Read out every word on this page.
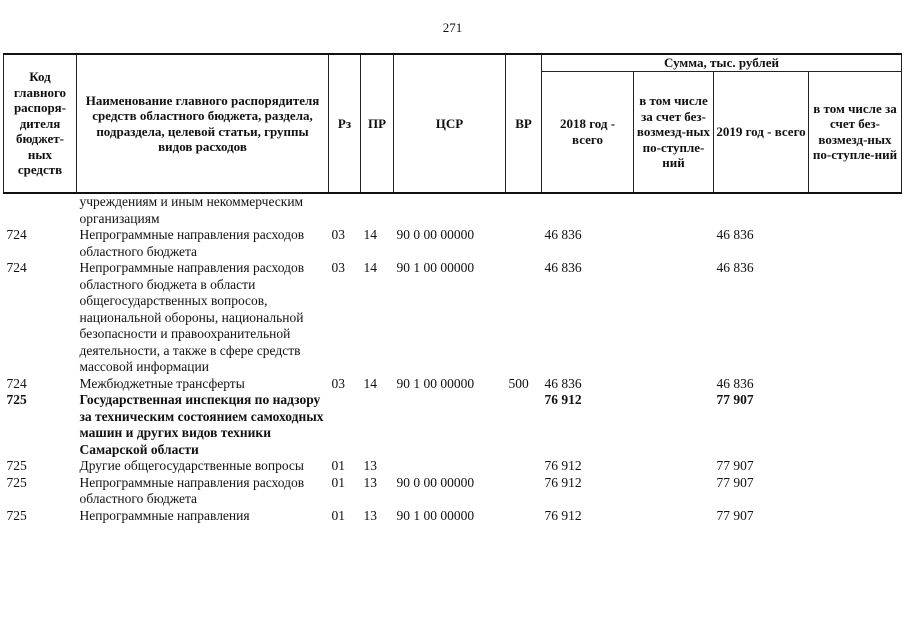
271
Код главного распоря-дителя бюджет-ных средств	Наименование главного распорядителя средств областного бюджета, раздела, подраздела, целевой статьи, группы видов расходов	Рз	ПР	ЦСР	ВР	Сумма, тыс. рублей			
						2018 год - всего	в том числе за счет без-возмезд-ных по-ступле-ний	2019 год - всего	в том числе за счет без-возмезд-ных по-ступле-ний
	учреждениям и иным некоммерческим организациям								
724	Непрограммные направления расходов областного бюджета	03	14	90 0 00 00000		46 836		46 836	
724	Непрограммные направления расходов областного бюджета в области общегосударственных вопросов, национальной обороны, национальной безопасности и правоохранительной деятельности, а также в сфере средств массовой информации	03	14	90 1 00 00000		46 836		46 836	
724	Межбюджетные трансферты	03	14	90 1 00 00000	500	46 836		46 836	
725	Государственная инспекция по надзору за техническим состоянием самоходных машин и других видов техники Самарской области					76 912		77 907	
725	Другие общегосударственные вопросы	01	13			76 912		77 907	
725	Непрограммные направления расходов областного бюджета	01	13	90 0 00 00000		76 912		77 907	
725	Непрограммные направления	01	13	90 1 00 00000		76 912		77 907	
